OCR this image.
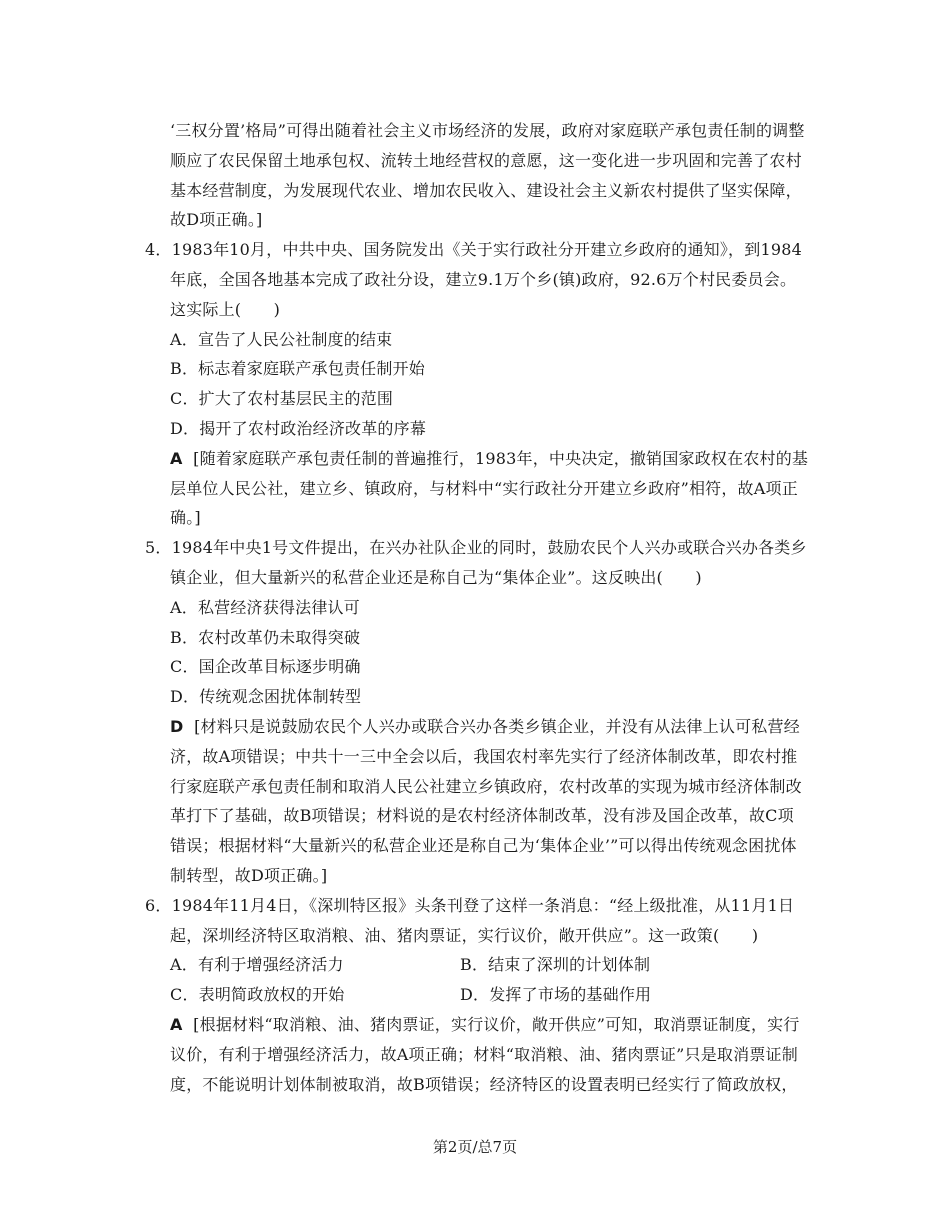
‘三权分置’格局”可得出随着社会主义市场经济的发展，政府对家庭联产承包责任制的调整
顺应了农民保留土地承包权、流转土地经营权的意愿，这一变化进一步巩固和完善了农村
基本经营制度，为发展现代农业、增加农民收入、建设社会主义新农村提供了坚实保障，
故D项正确。]
4．1983年10月，中共中央、国务院发出《关于实行政社分开建立乡政府的通知》，到1984
年底，全国各地基本完成了政社分设，建立9.1万个乡(镇)政府，92.6万个村民委员会。
这实际上(　　)
A．宣告了人民公社制度的结束
B．标志着家庭联产承包责任制开始
C．扩大了农村基层民主的范围
D．揭开了农村政治经济改革的序幕
A [随着家庭联产承包责任制的普遍推行，1983年，中央决定，撤销国家政权在农村的基
层单位人民公社，建立乡、镇政府，与材料中“实行政社分开建立乡政府”相符，故A项正
确。]
5．1984年中央1号文件提出，在兴办社队企业的同时，鼓励农民个人兴办或联合兴办各类乡
镇企业，但大量新兴的私营企业还是称自己为“集体企业”。这反映出(　　)
A．私营经济获得法律认可
B．农村改革仍未取得突破
C．国企改革目标逐步明确
D．传统观念困扰体制转型
D [材料只是说鼓励农民个人兴办或联合兴办各类乡镇企业，并没有从法律上认可私营经
济，故A项错误；中共十一三中全会以后，我国农村率先实行了经济体制改革，即农村推
行家庭联产承包责任制和取消人民公社建立乡镇政府，农村改革的实现为城市经济体制改
革打下了基础，故B项错误；材料说的是农村经济体制改革，没有涉及国企改革，故C项
错误；根据材料“大量新兴的私营企业还是称自己为‘集体企业’”可以得出传统观念困扰体
制转型，故D项正确。]
6．1984年11月4日，《深圳特区报》头条刊登了这样一条消息：“经上级批准，从11月1日
起，深圳经济特区取消粮、油、猪肉票证，实行议价，敞开供应”。这一政策(　　)
A．有利于增强经济活力	B．结束了深圳的计划体制
C．表明简政放权的开始	D．发挥了市场的基础作用
A [根据材料“取消粮、油、猪肉票证，实行议价，敞开供应”可知，取消票证制度，实行
议价，有利于增强经济活力，故A项正确；材料“取消粮、油、猪肉票证”只是取消票证制
度，不能说明计划体制被取消，故B项错误；经济特区的设置表明已经实行了简政放权，
第2页/总7页
